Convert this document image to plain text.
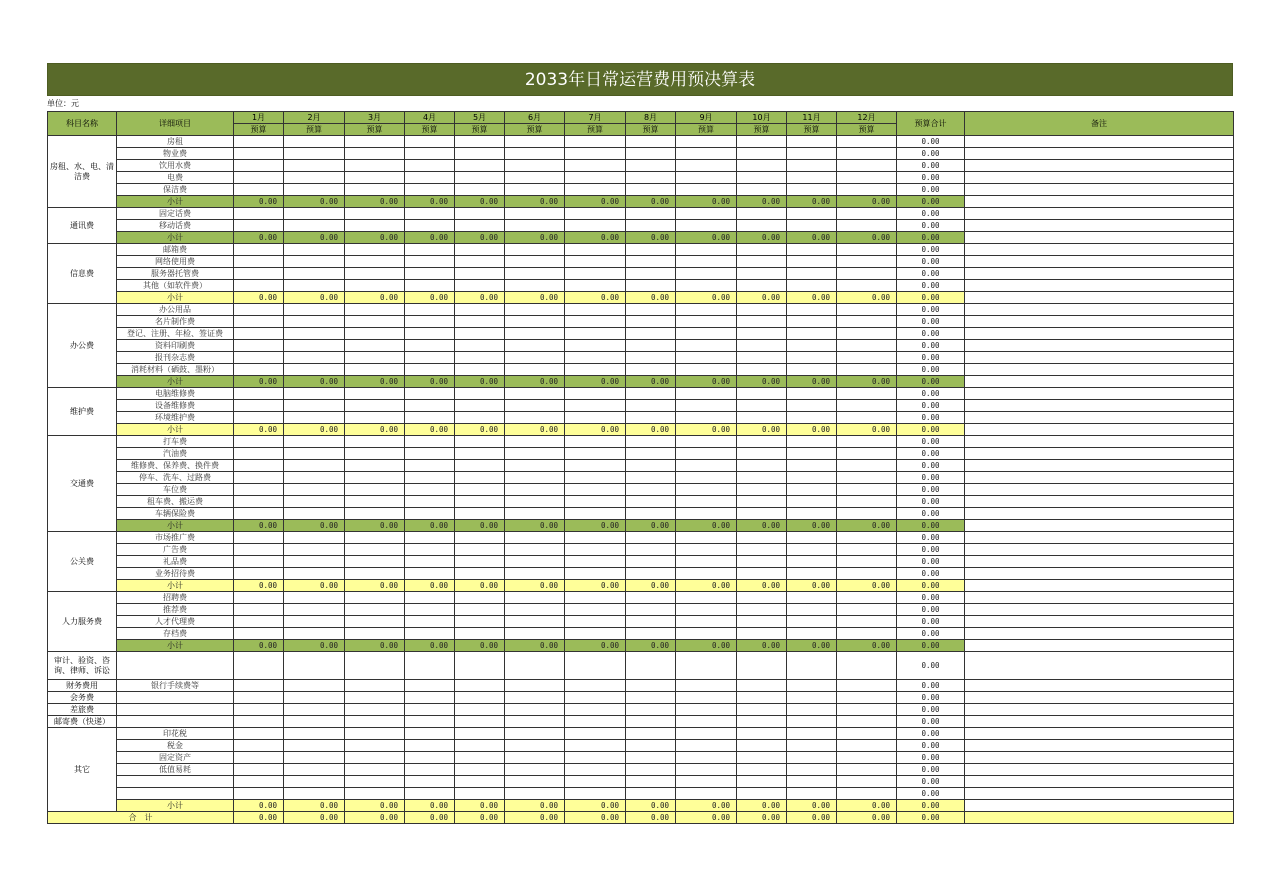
2033年日常运营费用预决算表
单位：元
科目名称	详细项目	1月	2月	3月	4月	5月	6月	7月	8月	9月	10月	11月	12月	预算合计	备注
		预算	预算	预算	预算	预算	预算	预算	预算	预算	预算	预算	预算		
房租、水、电、清洁费	房租													0.00	
	物业费													0.00	
	饮用水费													0.00	
	电费													0.00	
	保洁费													0.00	
	小计	0.00	0.00	0.00	0.00	0.00	0.00	0.00	0.00	0.00	0.00	0.00	0.00	0.00	
通讯费	固定话费													0.00	
	移动话费													0.00	
	小计	0.00	0.00	0.00	0.00	0.00	0.00	0.00	0.00	0.00	0.00	0.00	0.00	0.00	
信息费	邮箱费													0.00	
	网络使用费													0.00	
	服务器托管费													0.00	
	其他（如软件费）													0.00	
	小计	0.00	0.00	0.00	0.00	0.00	0.00	0.00	0.00	0.00	0.00	0.00	0.00	0.00	
办公费	办公用品													0.00	
	名片制作费													0.00	
	登记、注册、年检、签证费													0.00	
	资料印刷费													0.00	
	报刊杂志费													0.00	
	消耗材料（硒鼓、墨粉）													0.00	
	小计	0.00	0.00	0.00	0.00	0.00	0.00	0.00	0.00	0.00	0.00	0.00	0.00	0.00	
维护费	电脑维修费													0.00	
	设备维修费													0.00	
	环境维护费													0.00	
	小计	0.00	0.00	0.00	0.00	0.00	0.00	0.00	0.00	0.00	0.00	0.00	0.00	0.00	
交通费	打车费													0.00	
	汽油费													0.00	
	维修费、保养费、换件费													0.00	
	停车、洗车、过路费													0.00	
	车位费													0.00	
	租车费、搬运费													0.00	
	车辆保险费													0.00	
	小计	0.00	0.00	0.00	0.00	0.00	0.00	0.00	0.00	0.00	0.00	0.00	0.00	0.00	
公关费	市场推广费													0.00	
	广告费													0.00	
	礼品费													0.00	
	业务招待费													0.00	
	小计	0.00	0.00	0.00	0.00	0.00	0.00	0.00	0.00	0.00	0.00	0.00	0.00	0.00	
人力服务费	招聘费													0.00	
	推荐费													0.00	
	人才代理费													0.00	
	存档费													0.00	
	小计	0.00	0.00	0.00	0.00	0.00	0.00	0.00	0.00	0.00	0.00	0.00	0.00	0.00	
审计、验资、咨询、律师、诉讼														0.00	
财务费用	银行手续费等													0.00	
会务费														0.00	
差旅费														0.00	
邮寄费（快递）														0.00	
其它	印花税													0.00	
	税金													0.00	
	固定资产													0.00	
	低值易耗													0.00	
														0.00	
														0.00	
	小计	0.00	0.00	0.00	0.00	0.00	0.00	0.00	0.00	0.00	0.00	0.00	0.00	0.00	
合　计		0.00	0.00	0.00	0.00	0.00	0.00	0.00	0.00	0.00	0.00	0.00	0.00	0.00	
